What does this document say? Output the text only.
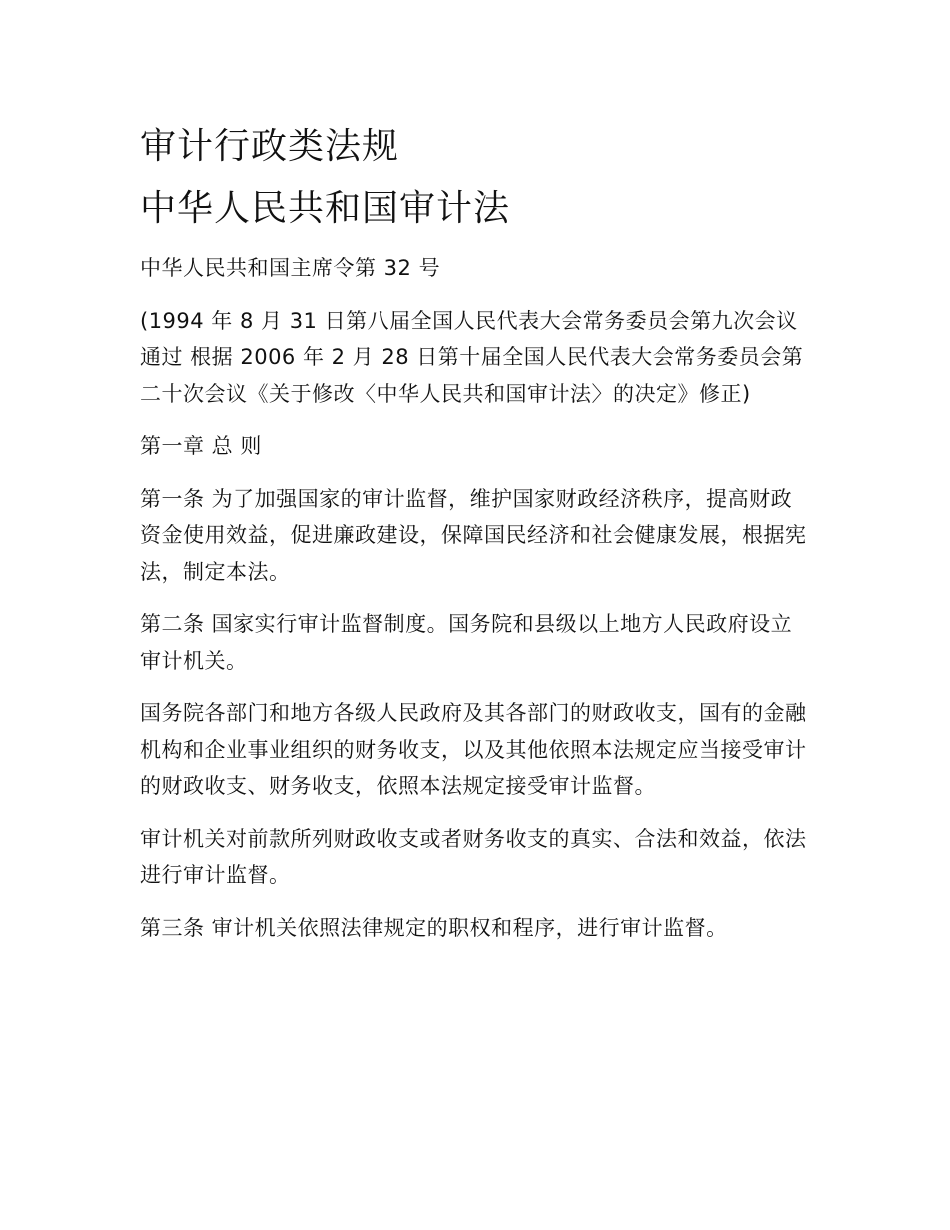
审计行政类法规
中华人民共和国审计法

中华人民共和国主席令第 32 号

(1994 年 8 月 31 日第八届全国人民代表大会常务委员会第九次会议通过 根据 2006 年 2 月 28 日第十届全国人民代表大会常务委员会第二十次会议《关于修改〈中华人民共和国审计法〉的决定》修正)

第一章 总 则

第一条 为了加强国家的审计监督，维护国家财政经济秩序，提高财政资金使用效益，促进廉政建设，保障国民经济和社会健康发展，根据宪法，制定本法。

第二条 国家实行审计监督制度。国务院和县级以上地方人民政府设立审计机关。

国务院各部门和地方各级人民政府及其各部门的财政收支，国有的金融机构和企业事业组织的财务收支，以及其他依照本法规定应当接受审计的财政收支、财务收支，依照本法规定接受审计监督。

审计机关对前款所列财政收支或者财务收支的真实、合法和效益，依法进行审计监督。

第三条 审计机关依照法律规定的职权和程序，进行审计监督。
